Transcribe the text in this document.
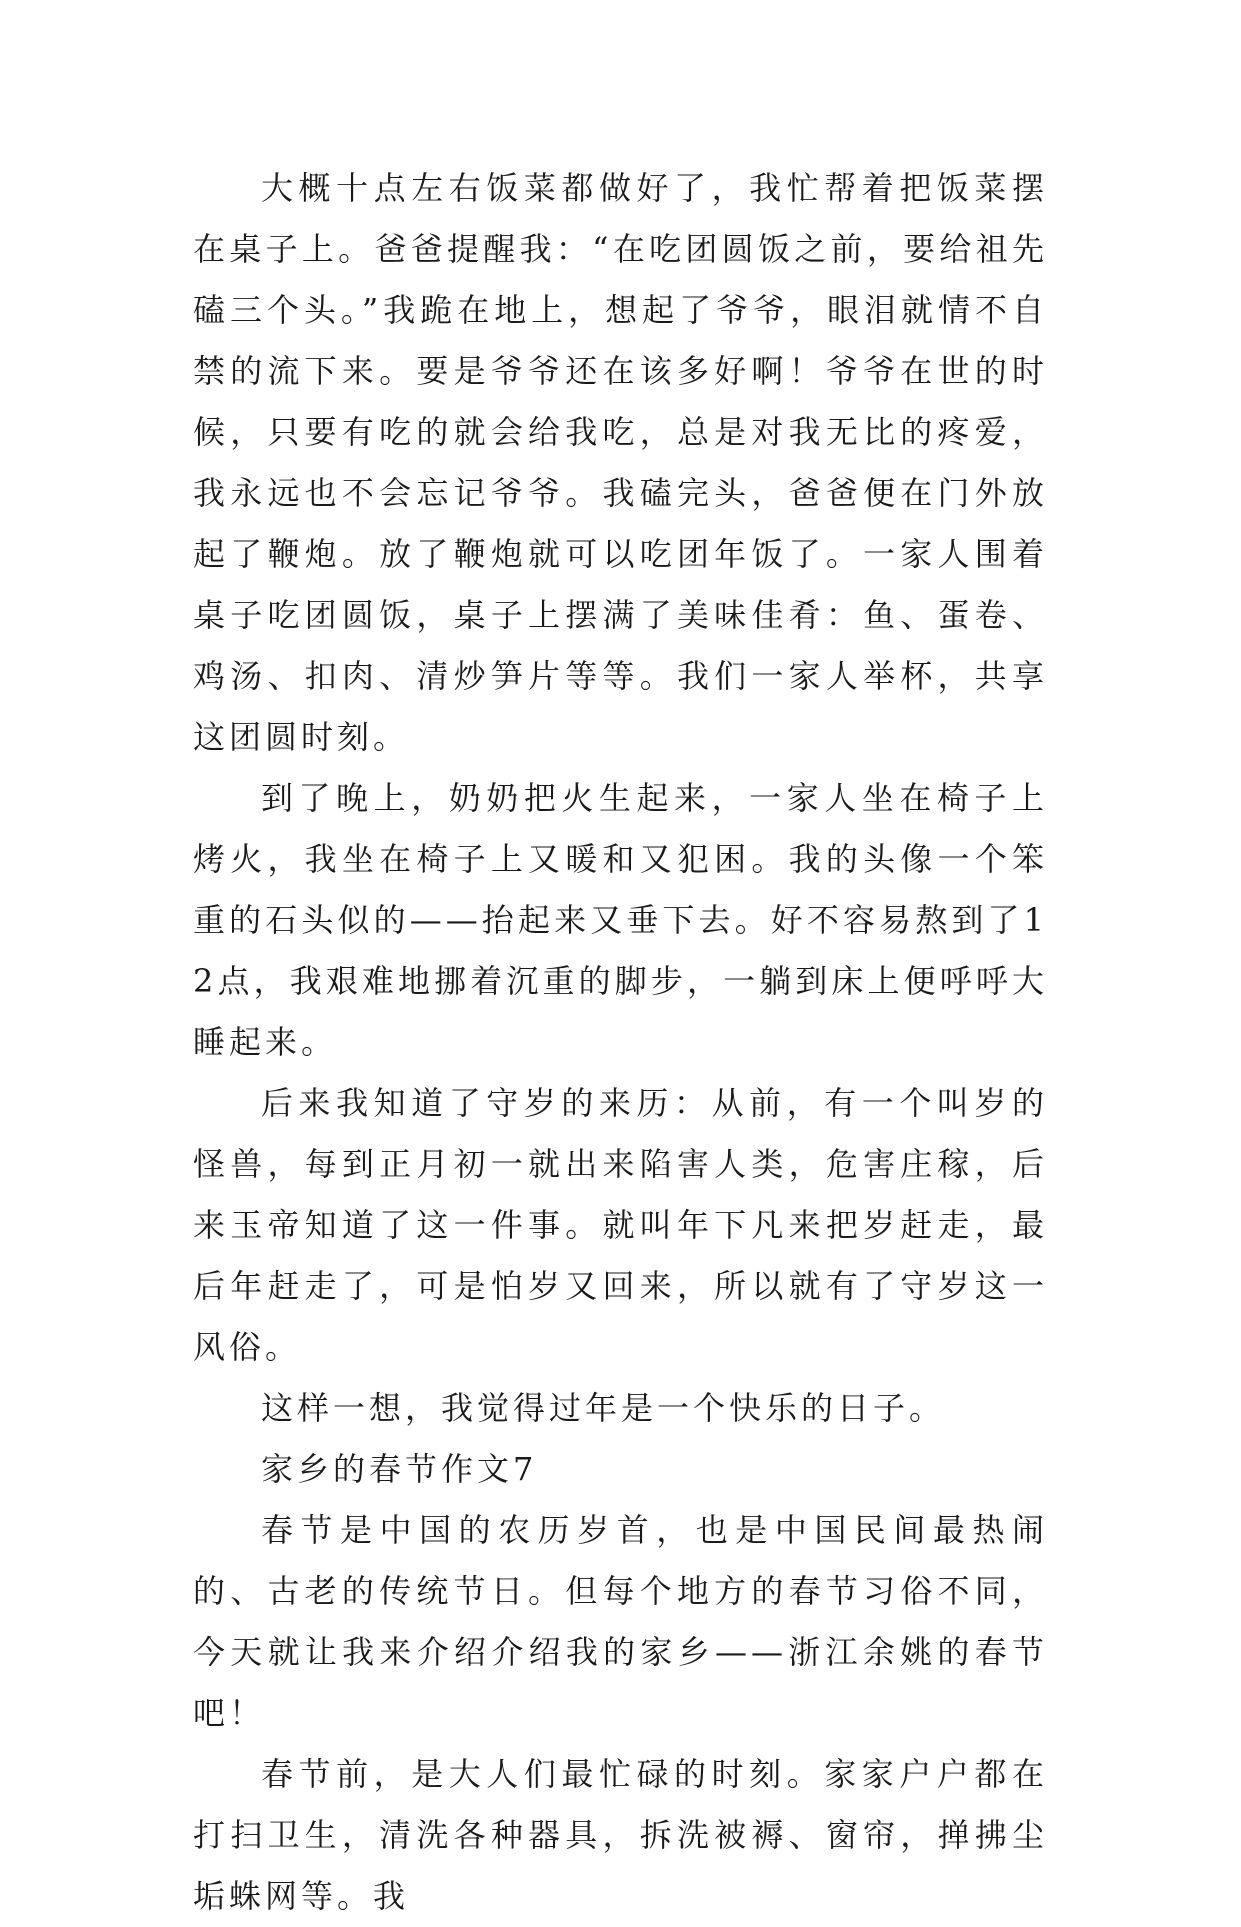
大概十点左右饭菜都做好了，我忙帮着把饭菜摆在桌子上。爸爸提醒我：“在吃团圆饭之前，要给祖先磕三个头。”我跪在地上，想起了爷爷，眼泪就情不自禁的流下来。要是爷爷还在该多好啊！爷爷在世的时候，只要有吃的就会给我吃，总是对我无比的疼爱，我永远也不会忘记爷爷。我磕完头，爸爸便在门外放起了鞭炮。放了鞭炮就可以吃团年饭了。一家人围着桌子吃团圆饭，桌子上摆满了美味佳肴：鱼、蛋卷、鸡汤、扣肉、清炒笋片等等。我们一家人举杯，共享这团圆时刻。

到了晚上，奶奶把火生起来，一家人坐在椅子上烤火，我坐在椅子上又暖和又犯困。我的头像一个笨重的石头似的——抬起来又垂下去。好不容易熬到了12点，我艰难地挪着沉重的脚步，一躺到床上便呼呼大睡起来。

后来我知道了守岁的来历：从前，有一个叫岁的怪兽，每到正月初一就出来陷害人类，危害庄稼，后来玉帝知道了这一件事。就叫年下凡来把岁赶走，最后年赶走了，可是怕岁又回来，所以就有了守岁这一风俗。

这样一想，我觉得过年是一个快乐的日子。

家乡的春节作文7

春节是中国的农历岁首，也是中国民间最热闹的、古老的传统节日。但每个地方的春节习俗不同，今天就让我来介绍介绍我的家乡——浙江余姚的春节吧！

春节前，是大人们最忙碌的时刻。家家户户都在打扫卫生，清洗各种器具，拆洗被褥、窗帘，掸拂尘垢蛛网等。我
